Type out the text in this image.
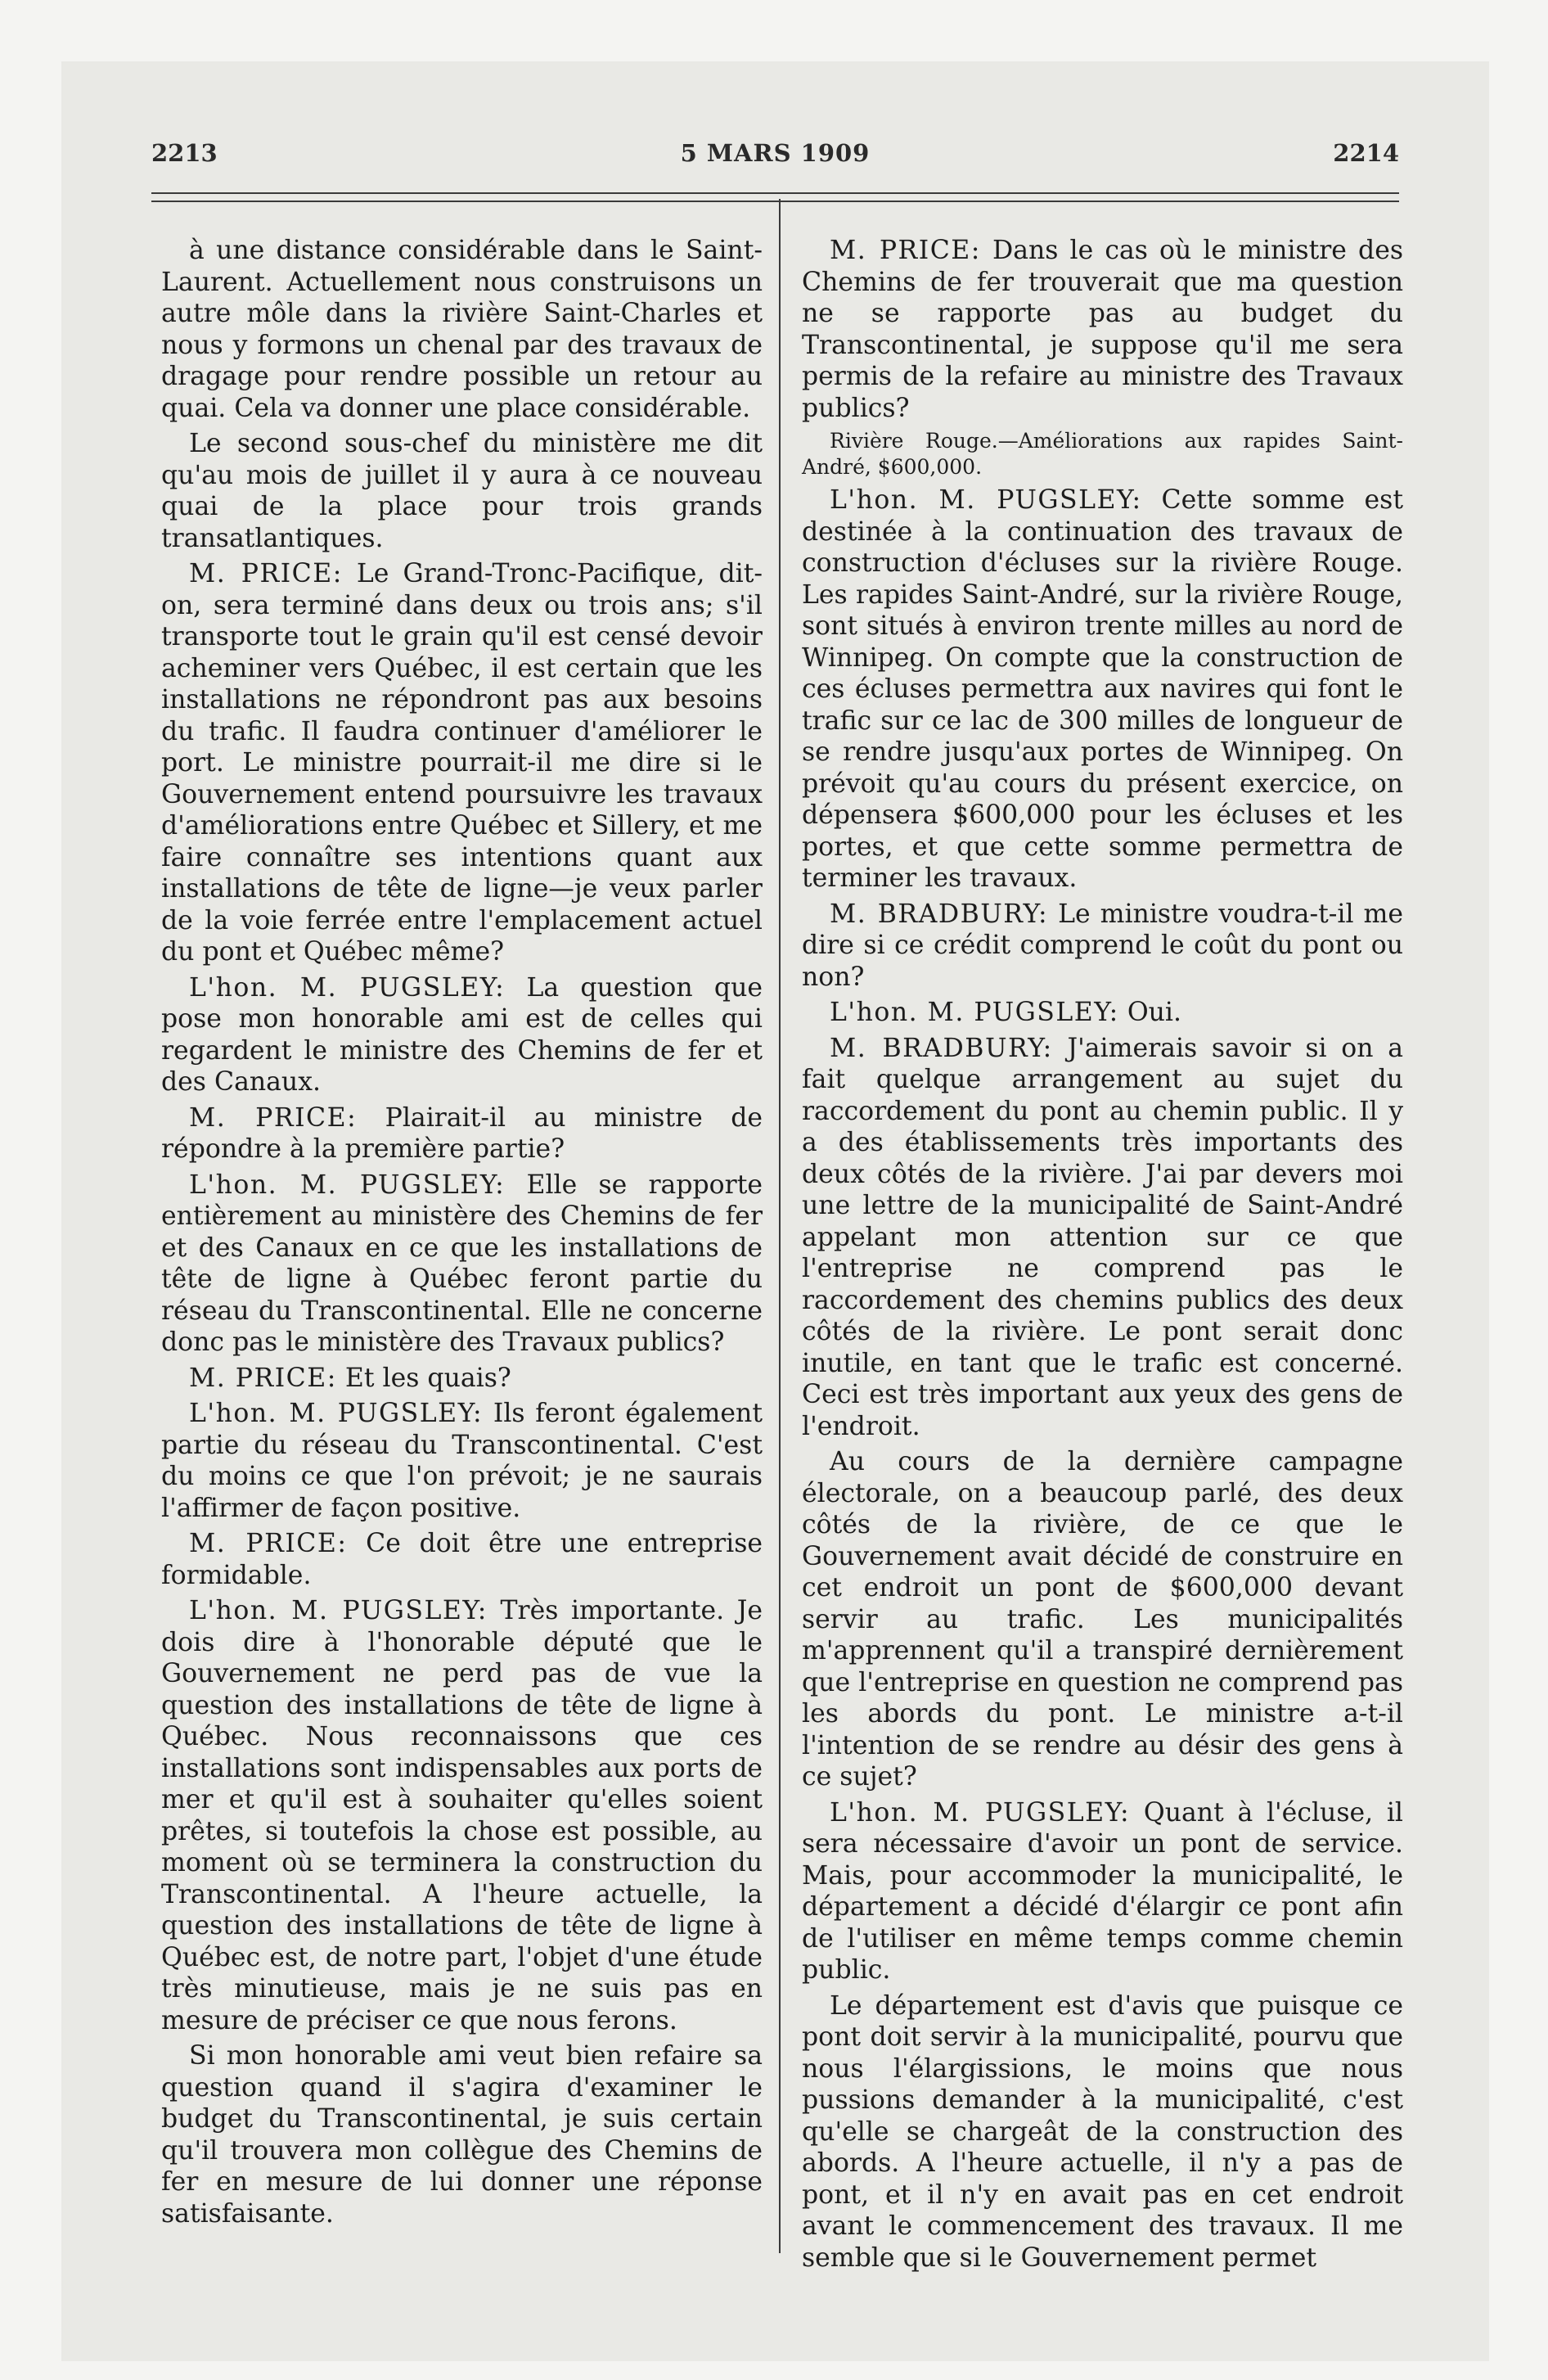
2213	5 MARS 1909	2214

à une distance considérable dans le Saint-Laurent. Actuellement nous construisons un autre môle dans la rivière Saint-Charles et nous y formons un chenal par des travaux de dragage pour rendre possible un retour au quai. Cela va donner une place considérable.

Le second sous-chef du ministère me dit qu'au mois de juillet il y aura à ce nouveau quai de la place pour trois grands transatlantiques.

M. PRICE: Le Grand-Tronc-Pacifique, dit-on, sera terminé dans deux ou trois ans; s'il transporte tout le grain qu'il est censé devoir acheminer vers Québec, il est certain que les installations ne répondront pas aux besoins du trafic. Il faudra continuer d'améliorer le port. Le ministre pourrait-il me dire si le Gouvernement entend poursuivre les travaux d'améliorations entre Québec et Sillery, et me faire connaître ses intentions quant aux installations de tête de ligne—je veux parler de la voie ferrée entre l'emplacement actuel du pont et Québec même?

L'hon. M. PUGSLEY: La question que pose mon honorable ami est de celles qui regardent le ministre des Chemins de fer et des Canaux.

M. PRICE: Plairait-il au ministre de répondre à la première partie?

L'hon. M. PUGSLEY: Elle se rapporte entièrement au ministère des Chemins de fer et des Canaux en ce que les installations de tête de ligne à Québec feront partie du réseau du Transcontinental. Elle ne concerne donc pas le ministère des Travaux publics?

M. PRICE: Et les quais?

L'hon. M. PUGSLEY: Ils feront également partie du réseau du Transcontinental. C'est du moins ce que l'on prévoit; je ne saurais l'affirmer de façon positive.

M. PRICE: Ce doit être une entreprise formidable.

L'hon. M. PUGSLEY: Très importante. Je dois dire à l'honorable député que le Gouvernement ne perd pas de vue la question des installations de tête de ligne à Québec. Nous reconnaissons que ces installations sont indispensables aux ports de mer et qu'il est à souhaiter qu'elles soient prêtes, si toutefois la chose est possible, au moment où se terminera la construction du Transcontinental. A l'heure actuelle, la question des installations de tête de ligne à Québec est, de notre part, l'objet d'une étude très minutieuse, mais je ne suis pas en mesure de préciser ce que nous ferons.

Si mon honorable ami veut bien refaire sa question quand il s'agira d'examiner le budget du Transcontinental, je suis certain qu'il trouvera mon collègue des Chemins de fer en mesure de lui donner une réponse satisfaisante.

M. PRICE: Dans le cas où le ministre des Chemins de fer trouverait que ma question ne se rapporte pas au budget du Transcontinental, je suppose qu'il me sera permis de la refaire au ministre des Travaux publics?

Rivière Rouge.—Améliorations aux rapides Saint-André, $600,000.

L'hon. M. PUGSLEY: Cette somme est destinée à la continuation des travaux de construction d'écluses sur la rivière Rouge. Les rapides Saint-André, sur la rivière Rouge, sont situés à environ trente milles au nord de Winnipeg. On compte que la construction de ces écluses permettra aux navires qui font le trafic sur ce lac de 300 milles de longueur de se rendre jusqu'aux portes de Winnipeg. On prévoit qu'au cours du présent exercice, on dépensera $600,000 pour les écluses et les portes, et que cette somme permettra de terminer les travaux.

M. BRADBURY: Le ministre voudra-t-il me dire si ce crédit comprend le coût du pont ou non?

L'hon. M. PUGSLEY: Oui.

M. BRADBURY: J'aimerais savoir si on a fait quelque arrangement au sujet du raccordement du pont au chemin public. Il y a des établissements très importants des deux côtés de la rivière. J'ai par devers moi une lettre de la municipalité de Saint-André appelant mon attention sur ce que l'entreprise ne comprend pas le raccordement des chemins publics des deux côtés de la rivière. Le pont serait donc inutile, en tant que le trafic est concerné. Ceci est très important aux yeux des gens de l'endroit.

Au cours de la dernière campagne électorale, on a beaucoup parlé, des deux côtés de la rivière, de ce que le Gouvernement avait décidé de construire en cet endroit un pont de $600,000 devant servir au trafic. Les municipalités m'apprennent qu'il a transpiré dernièrement que l'entreprise en question ne comprend pas les abords du pont. Le ministre a-t-il l'intention de se rendre au désir des gens à ce sujet?

L'hon. M. PUGSLEY: Quant à l'écluse, il sera nécessaire d'avoir un pont de service. Mais, pour accommoder la municipalité, le département a décidé d'élargir ce pont afin de l'utiliser en même temps comme chemin public.

Le département est d'avis que puisque ce pont doit servir à la municipalité, pourvu que nous l'élargissions, le moins que nous pussions demander à la municipalité, c'est qu'elle se chargeât de la construction des abords. A l'heure actuelle, il n'y a pas de pont, et il n'y en avait pas en cet endroit avant le commencement des travaux. Il me semble que si le Gouvernement permet
